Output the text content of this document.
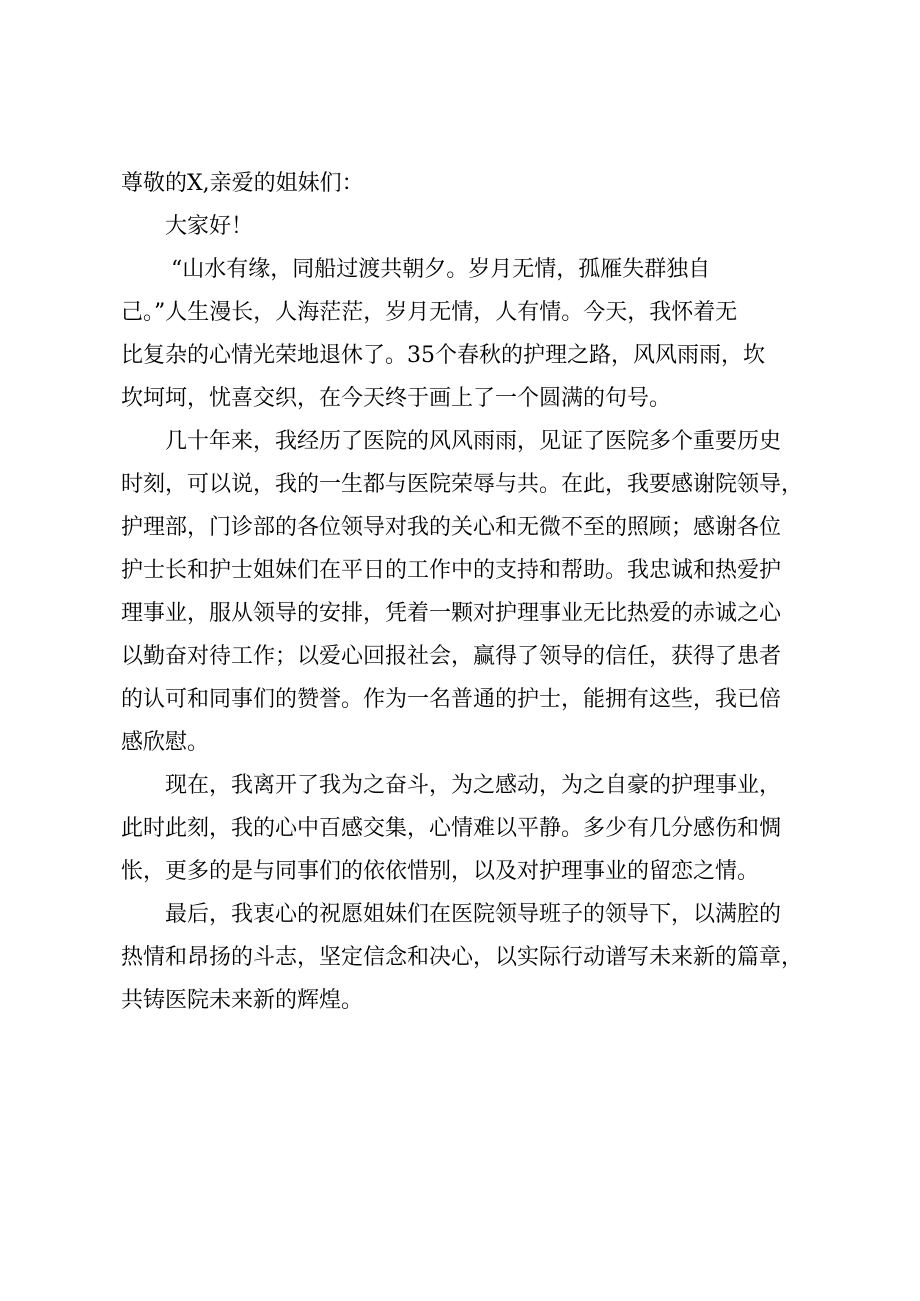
尊敬的X,亲爱的姐妹们：
大家好！
“山水有缘，同船过渡共朝夕。岁月无情，孤雁失群独自
己。”人生漫长，人海茫茫，岁月无情，人有情。今天，我怀着无
比复杂的心情光荣地退休了。35个春秋的护理之路，风风雨雨，坎
坎坷坷，忧喜交织，在今天终于画上了一个圆满的句号。
几十年来，我经历了医院的风风雨雨，见证了医院多个重要历史
时刻，可以说，我的一生都与医院荣辱与共。在此，我要感谢院领导，
护理部，门诊部的各位领导对我的关心和无微不至的照顾；感谢各位
护士长和护士姐妹们在平日的工作中的支持和帮助。我忠诚和热爱护
理事业，服从领导的安排，凭着一颗对护理事业无比热爱的赤诚之心
以勤奋对待工作；以爱心回报社会，赢得了领导的信任，获得了患者
的认可和同事们的赞誉。作为一名普通的护士，能拥有这些，我已倍
感欣慰。
现在，我离开了我为之奋斗，为之感动，为之自豪的护理事业，
此时此刻，我的心中百感交集，心情难以平静。多少有几分感伤和惆
怅，更多的是与同事们的依依惜别，以及对护理事业的留恋之情。
最后，我衷心的祝愿姐妹们在医院领导班子的领导下，以满腔的
热情和昂扬的斗志，坚定信念和决心，以实际行动谱写未来新的篇章，
共铸医院未来新的辉煌。
